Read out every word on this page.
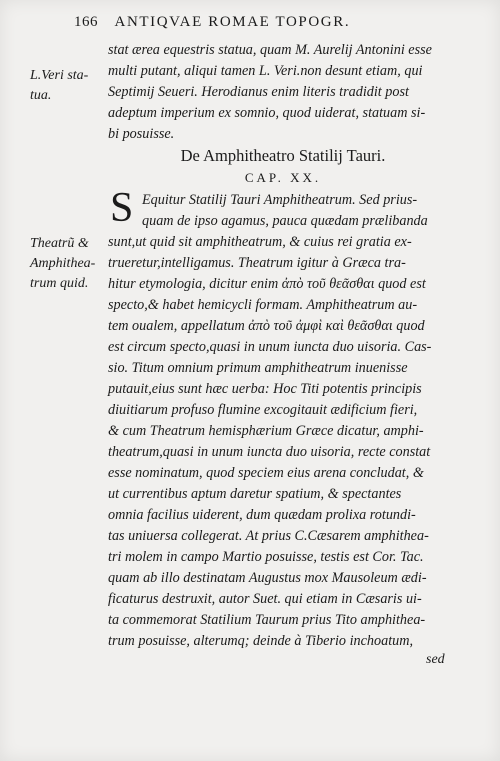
166 ANTIQVAE ROMAE TOPOGR.
L.Veri sta-
tua.
Theatrũ &
Amphithea-
trum quid.
stat ærea equestris statua, quam M. Aurelij Antonini esse
multi putant, aliqui tamen L. Veri.non desunt etiam, qui
Septimij Seueri. Herodianus enim literis tradidit post
adeptum imperium ex somnio, quod uiderat, statuam si-
bi posuisse.
De Amphitheatro Statilij Tauri.
CAP. XX.
S Equitur Statilij Tauri Amphitheatrum. Sed prius-
quam de ipso agamus, pauca quædam prælibanda
sunt,ut quid sit amphitheatrum, & cuius rei gratia ex-
trueretur,intelligamus. Theatrum igitur à Græca tra-
hitur etymologia, dicitur enim ἀπὸ τοῦ θεᾶσθαι quod est
specto,& habet hemicycli formam. Amphitheatrum au-
tem oualem, appellatum ἀπὸ τοῦ ἀμφὶ καὶ θεᾶσθαι quod
est circum specto,quasi in unum iuncta duo uisoria. Cas-
sio. Titum omnium primum amphitheatrum inuenisse
putauit,eius sunt hæc uerba: Hoc Titi potentis principis
diuitiarum profuso flumine excogitauit ædificium fieri,
& cum Theatrum hemisphærium Græce dicatur, amphi-
theatrum,quasi in unum iuncta duo uisoria, recte constat
esse nominatum, quod speciem eius arena concludat, &
ut currentibus aptum daretur spatium, & spectantes
omnia facilius uiderent, dum quædam prolixa rotundi-
tas uniuersa collegerat. At prius C.Cæsarem amphithea-
tri molem in campo Martio posuisse, testis est Cor. Tac.
quam ab illo destinatam Augustus mox Mausoleum ædi-
ficaturus destruxit, autor Suet. qui etiam in Cæsaris ui-
ta commemorat Statilium Taurum prius Tito amphithea-
trum posuisse, alterumq; deinde à Tiberio inchoatum,
sed
